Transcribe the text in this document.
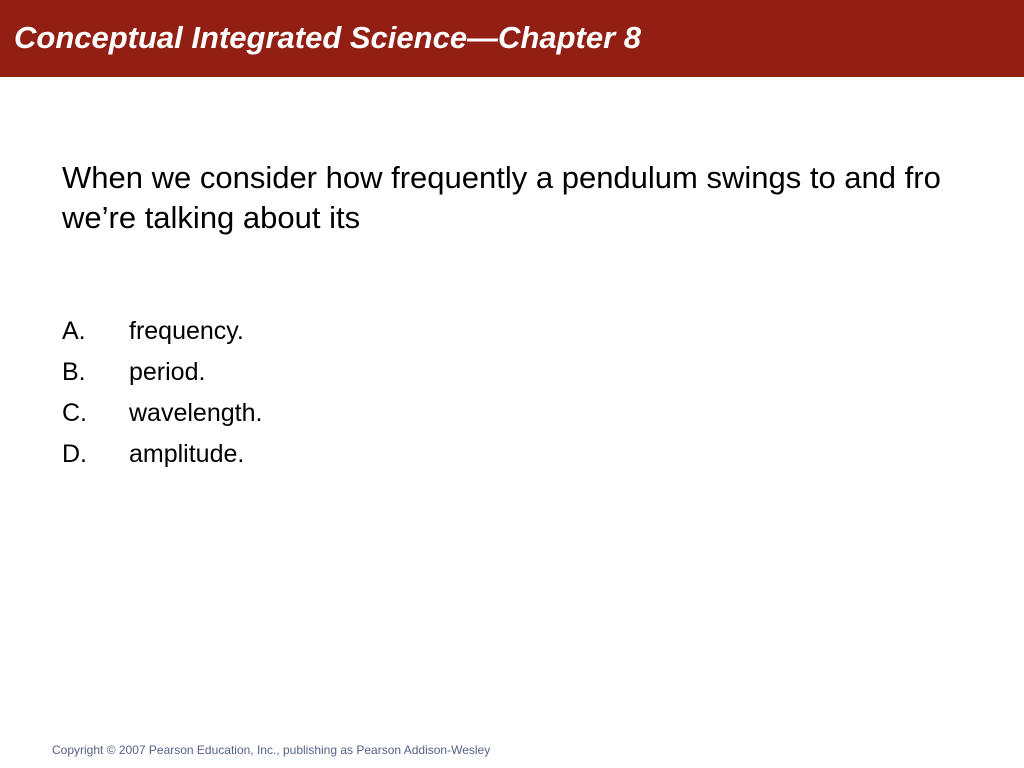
Conceptual Integrated Science—Chapter 8

When we consider how frequently a pendulum swings to and fro we’re talking about its

A.	frequency.
B.	period.
C.	wavelength.
D.	amplitude.

Copyright © 2007 Pearson Education, Inc., publishing as Pearson Addison-Wesley
